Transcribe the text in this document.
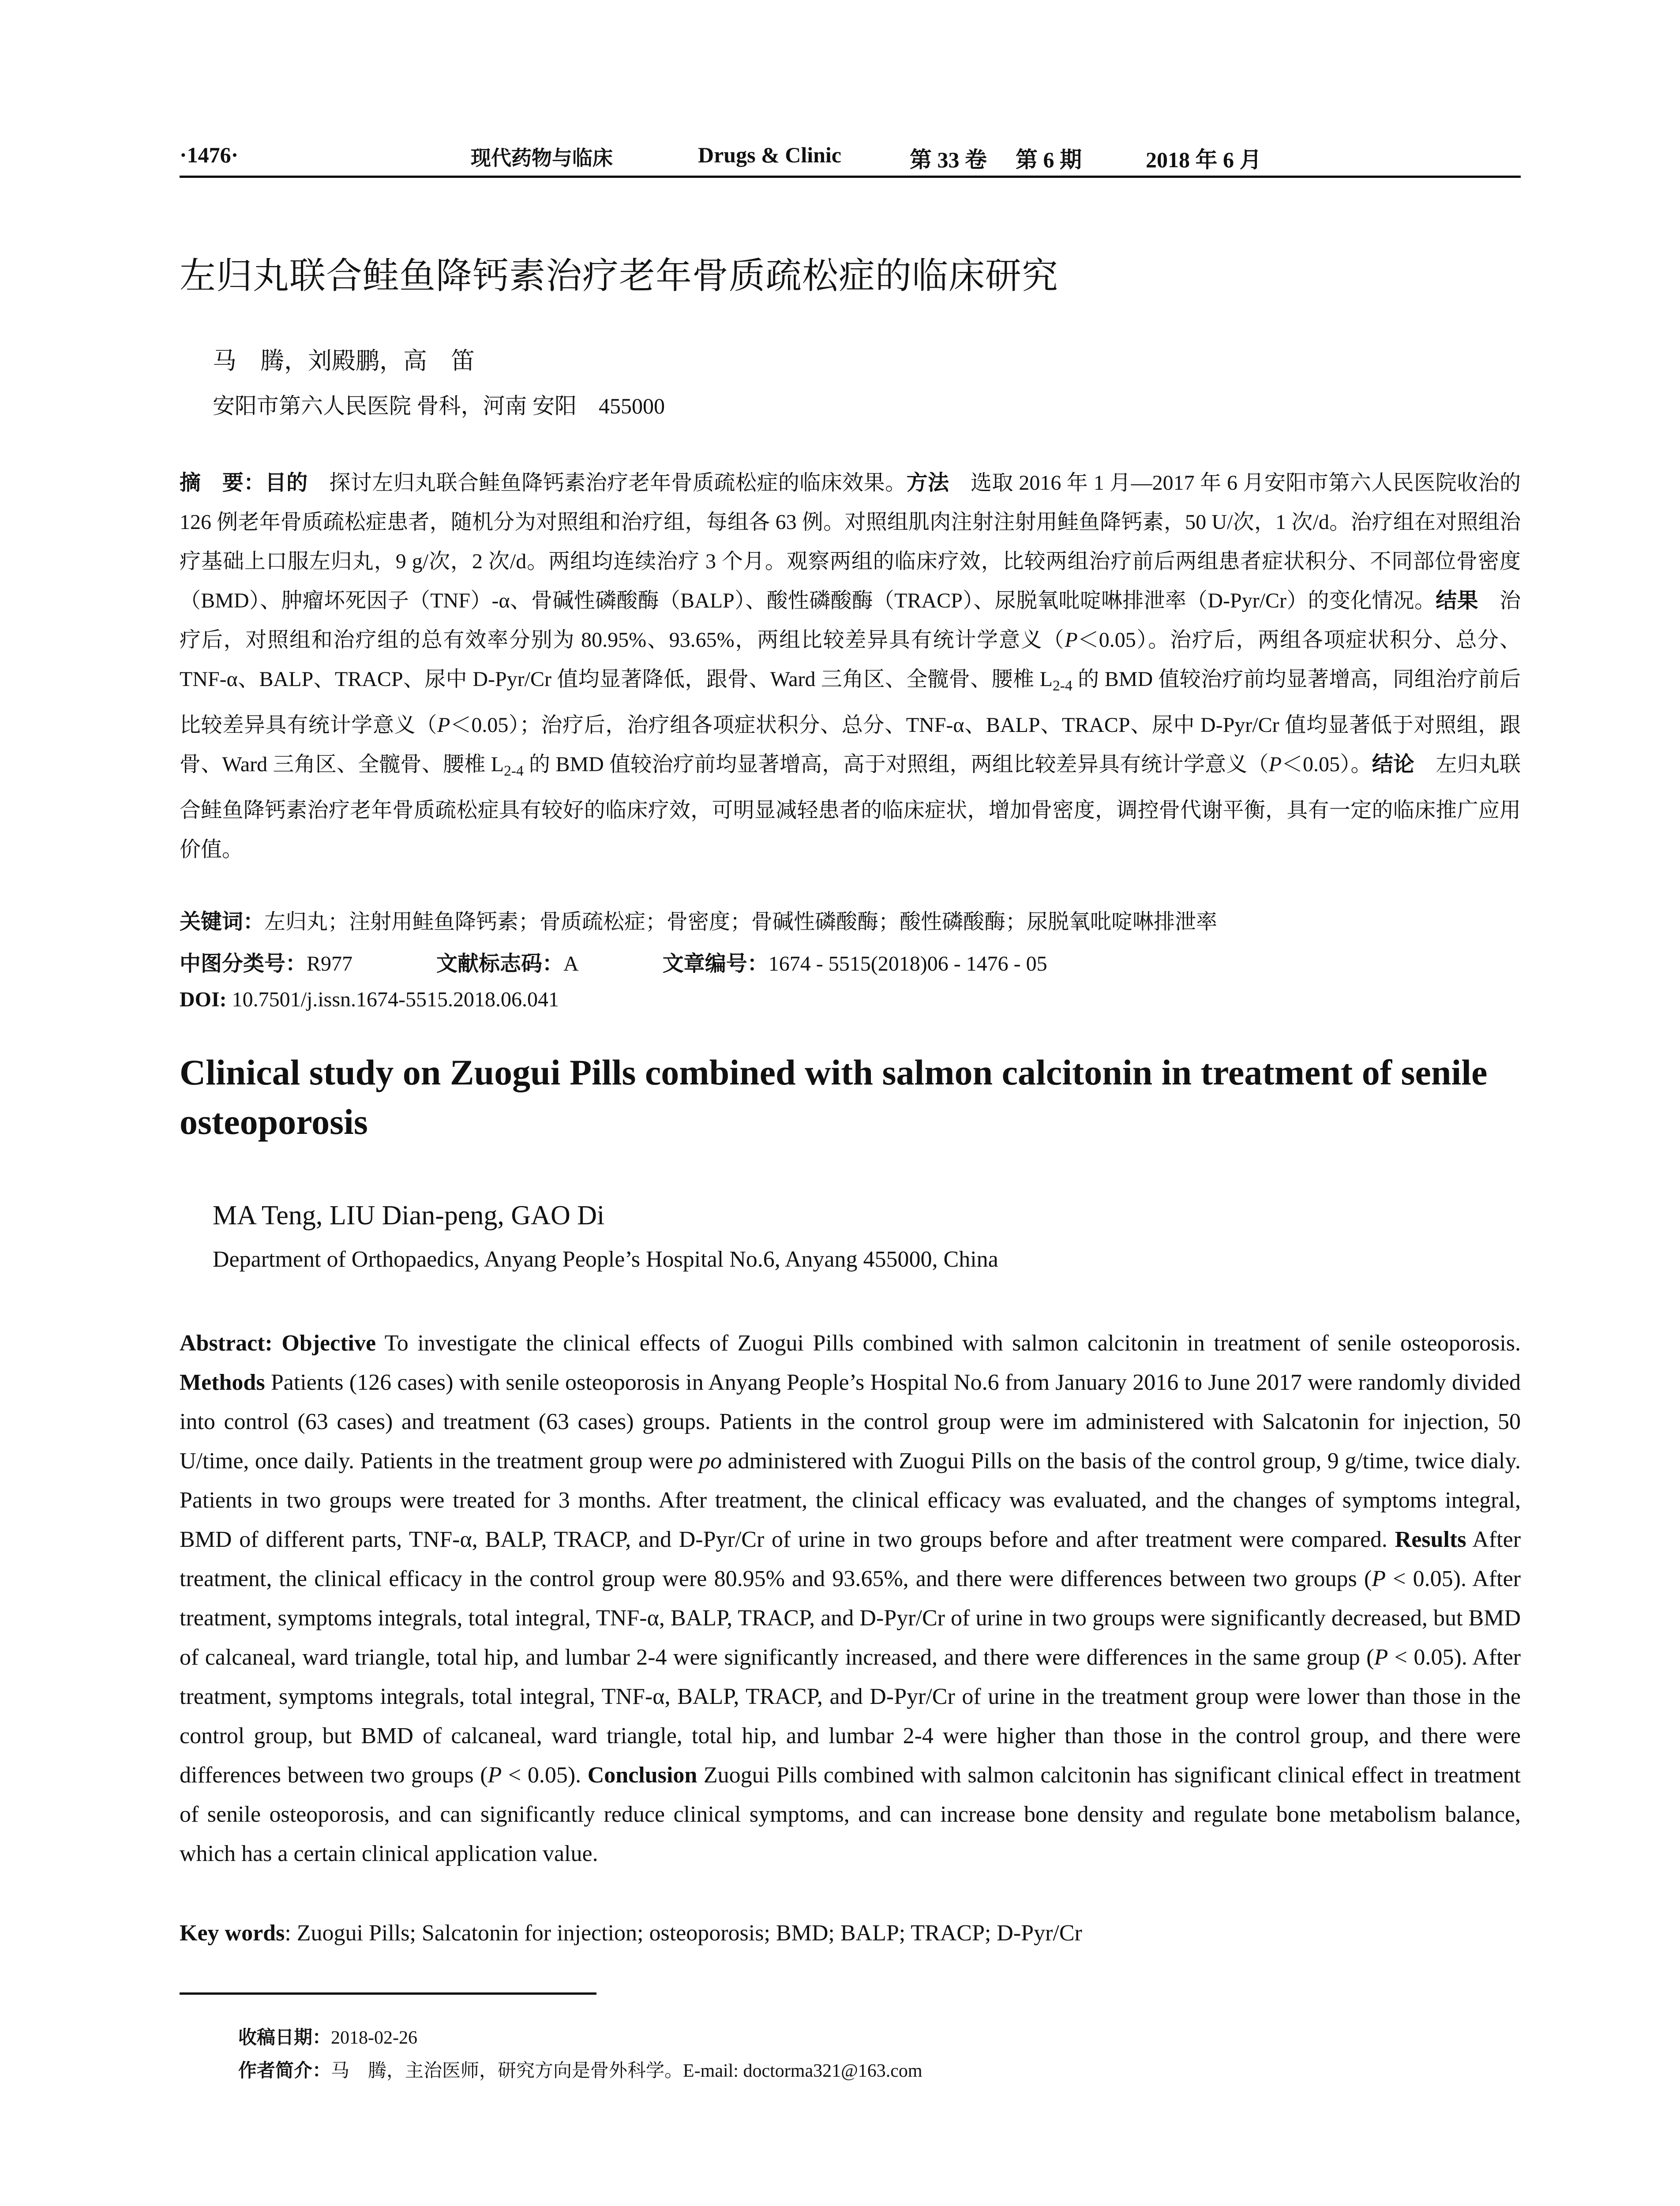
·1476·	现代药物与临床	Drugs & Clinic	第 33 卷 第 6 期	2018 年 6 月
左归丸联合鲑鱼降钙素治疗老年骨质疏松症的临床研究
马　腾，刘殿鹏，高　笛
安阳市第六人民医院 骨科，河南 安阳　455000
摘　要：目的　探讨左归丸联合鲑鱼降钙素治疗老年骨质疏松症的临床效果。方法　选取 2016 年 1 月—2017 年 6 月安阳市第六人民医院收治的 126 例老年骨质疏松症患者，随机分为对照组和治疗组，每组各 63 例。对照组肌肉注射注射用鲑鱼降钙素，50 U/次，1 次/d。治疗组在对照组治疗基础上口服左归丸，9 g/次，2 次/d。两组均连续治疗 3 个月。观察两组的临床疗效，比较两组治疗前后两组患者症状积分、不同部位骨密度（BMD）、肿瘤坏死因子（TNF）-α、骨碱性磷酸酶（BALP）、酸性磷酸酶（TRACP）、尿脱氧吡啶啉排泄率（D-Pyr/Cr）的变化情况。结果　治疗后，对照组和治疗组的总有效率分别为 80.95%、93.65%，两组比较差异具有统计学意义（P＜0.05）。治疗后，两组各项症状积分、总分、TNF-α、BALP、TRACP、尿中 D-Pyr/Cr 值均显著降低，跟骨、Ward 三角区、全髋骨、腰椎 $L_{2-4}$ 的 BMD 值较治疗前均显著增高，同组治疗前后比较差异具有统计学意义（P＜0.05）；治疗后，治疗组各项症状积分、总分、TNF-α、BALP、TRACP、尿中 D-Pyr/Cr 值均显著低于对照组，跟骨、Ward 三角区、全髋骨、腰椎 $L_{2-4}$ 的 BMD 值较治疗前均显著增高，高于对照组，两组比较差异具有统计学意义（P＜0.05）。结论　左归丸联合鲑鱼降钙素治疗老年骨质疏松症具有较好的临床疗效，可明显减轻患者的临床症状，增加骨密度，调控骨代谢平衡，具有一定的临床推广应用价值。
关键词：左归丸；注射用鲑鱼降钙素；骨质疏松症；骨密度；骨碱性磷酸酶；酸性磷酸酶；尿脱氧吡啶啉排泄率
中图分类号：R977	文献标志码：A	文章编号：1674 - 5515(2018)06 - 1476 - 05
DOI: 10.7501/j.issn.1674-5515.2018.06.041
Clinical study on Zuogui Pills combined with salmon calcitonin in treatment of senile osteoporosis
MA Teng, LIU Dian-peng, GAO Di
Department of Orthopaedics, Anyang People’s Hospital No.6, Anyang 455000, China
Abstract: Objective To investigate the clinical effects of Zuogui Pills combined with salmon calcitonin in treatment of senile osteoporosis. Methods Patients (126 cases) with senile osteoporosis in Anyang People’s Hospital No.6 from January 2016 to June 2017 were randomly divided into control (63 cases) and treatment (63 cases) groups. Patients in the control group were im administered with Salcatonin for injection, 50 U/time, once daily. Patients in the treatment group were po administered with Zuogui Pills on the basis of the control group, 9 g/time, twice dialy. Patients in two groups were treated for 3 months. After treatment, the clinical efficacy was evaluated, and the changes of symptoms integral, BMD of different parts, TNF-α, BALP, TRACP, and D-Pyr/Cr of urine in two groups before and after treatment were compared. Results After treatment, the clinical efficacy in the control group were 80.95% and 93.65%, and there were differences between two groups (P < 0.05). After treatment, symptoms integrals, total integral, TNF-α, BALP, TRACP, and D-Pyr/Cr of urine in two groups were significantly decreased, but BMD of calcaneal, ward triangle, total hip, and lumbar 2-4 were significantly increased, and there were differences in the same group (P < 0.05). After treatment, symptoms integrals, total integral, TNF-α, BALP, TRACP, and D-Pyr/Cr of urine in the treatment group were lower than those in the control group, but BMD of calcaneal, ward triangle, total hip, and lumbar 2-4 were higher than those in the control group, and there were differences between two groups (P < 0.05). Conclusion Zuogui Pills combined with salmon calcitonin has significant clinical effect in treatment of senile osteoporosis, and can significantly reduce clinical symptoms, and can increase bone density and regulate bone metabolism balance, which has a certain clinical application value.
Key words: Zuogui Pills; Salcatonin for injection; osteoporosis; BMD; BALP; TRACP; D-Pyr/Cr
收稿日期：2018-02-26
作者简介：马　腾，主治医师，研究方向是骨外科学。E-mail: doctorma321@163.com
